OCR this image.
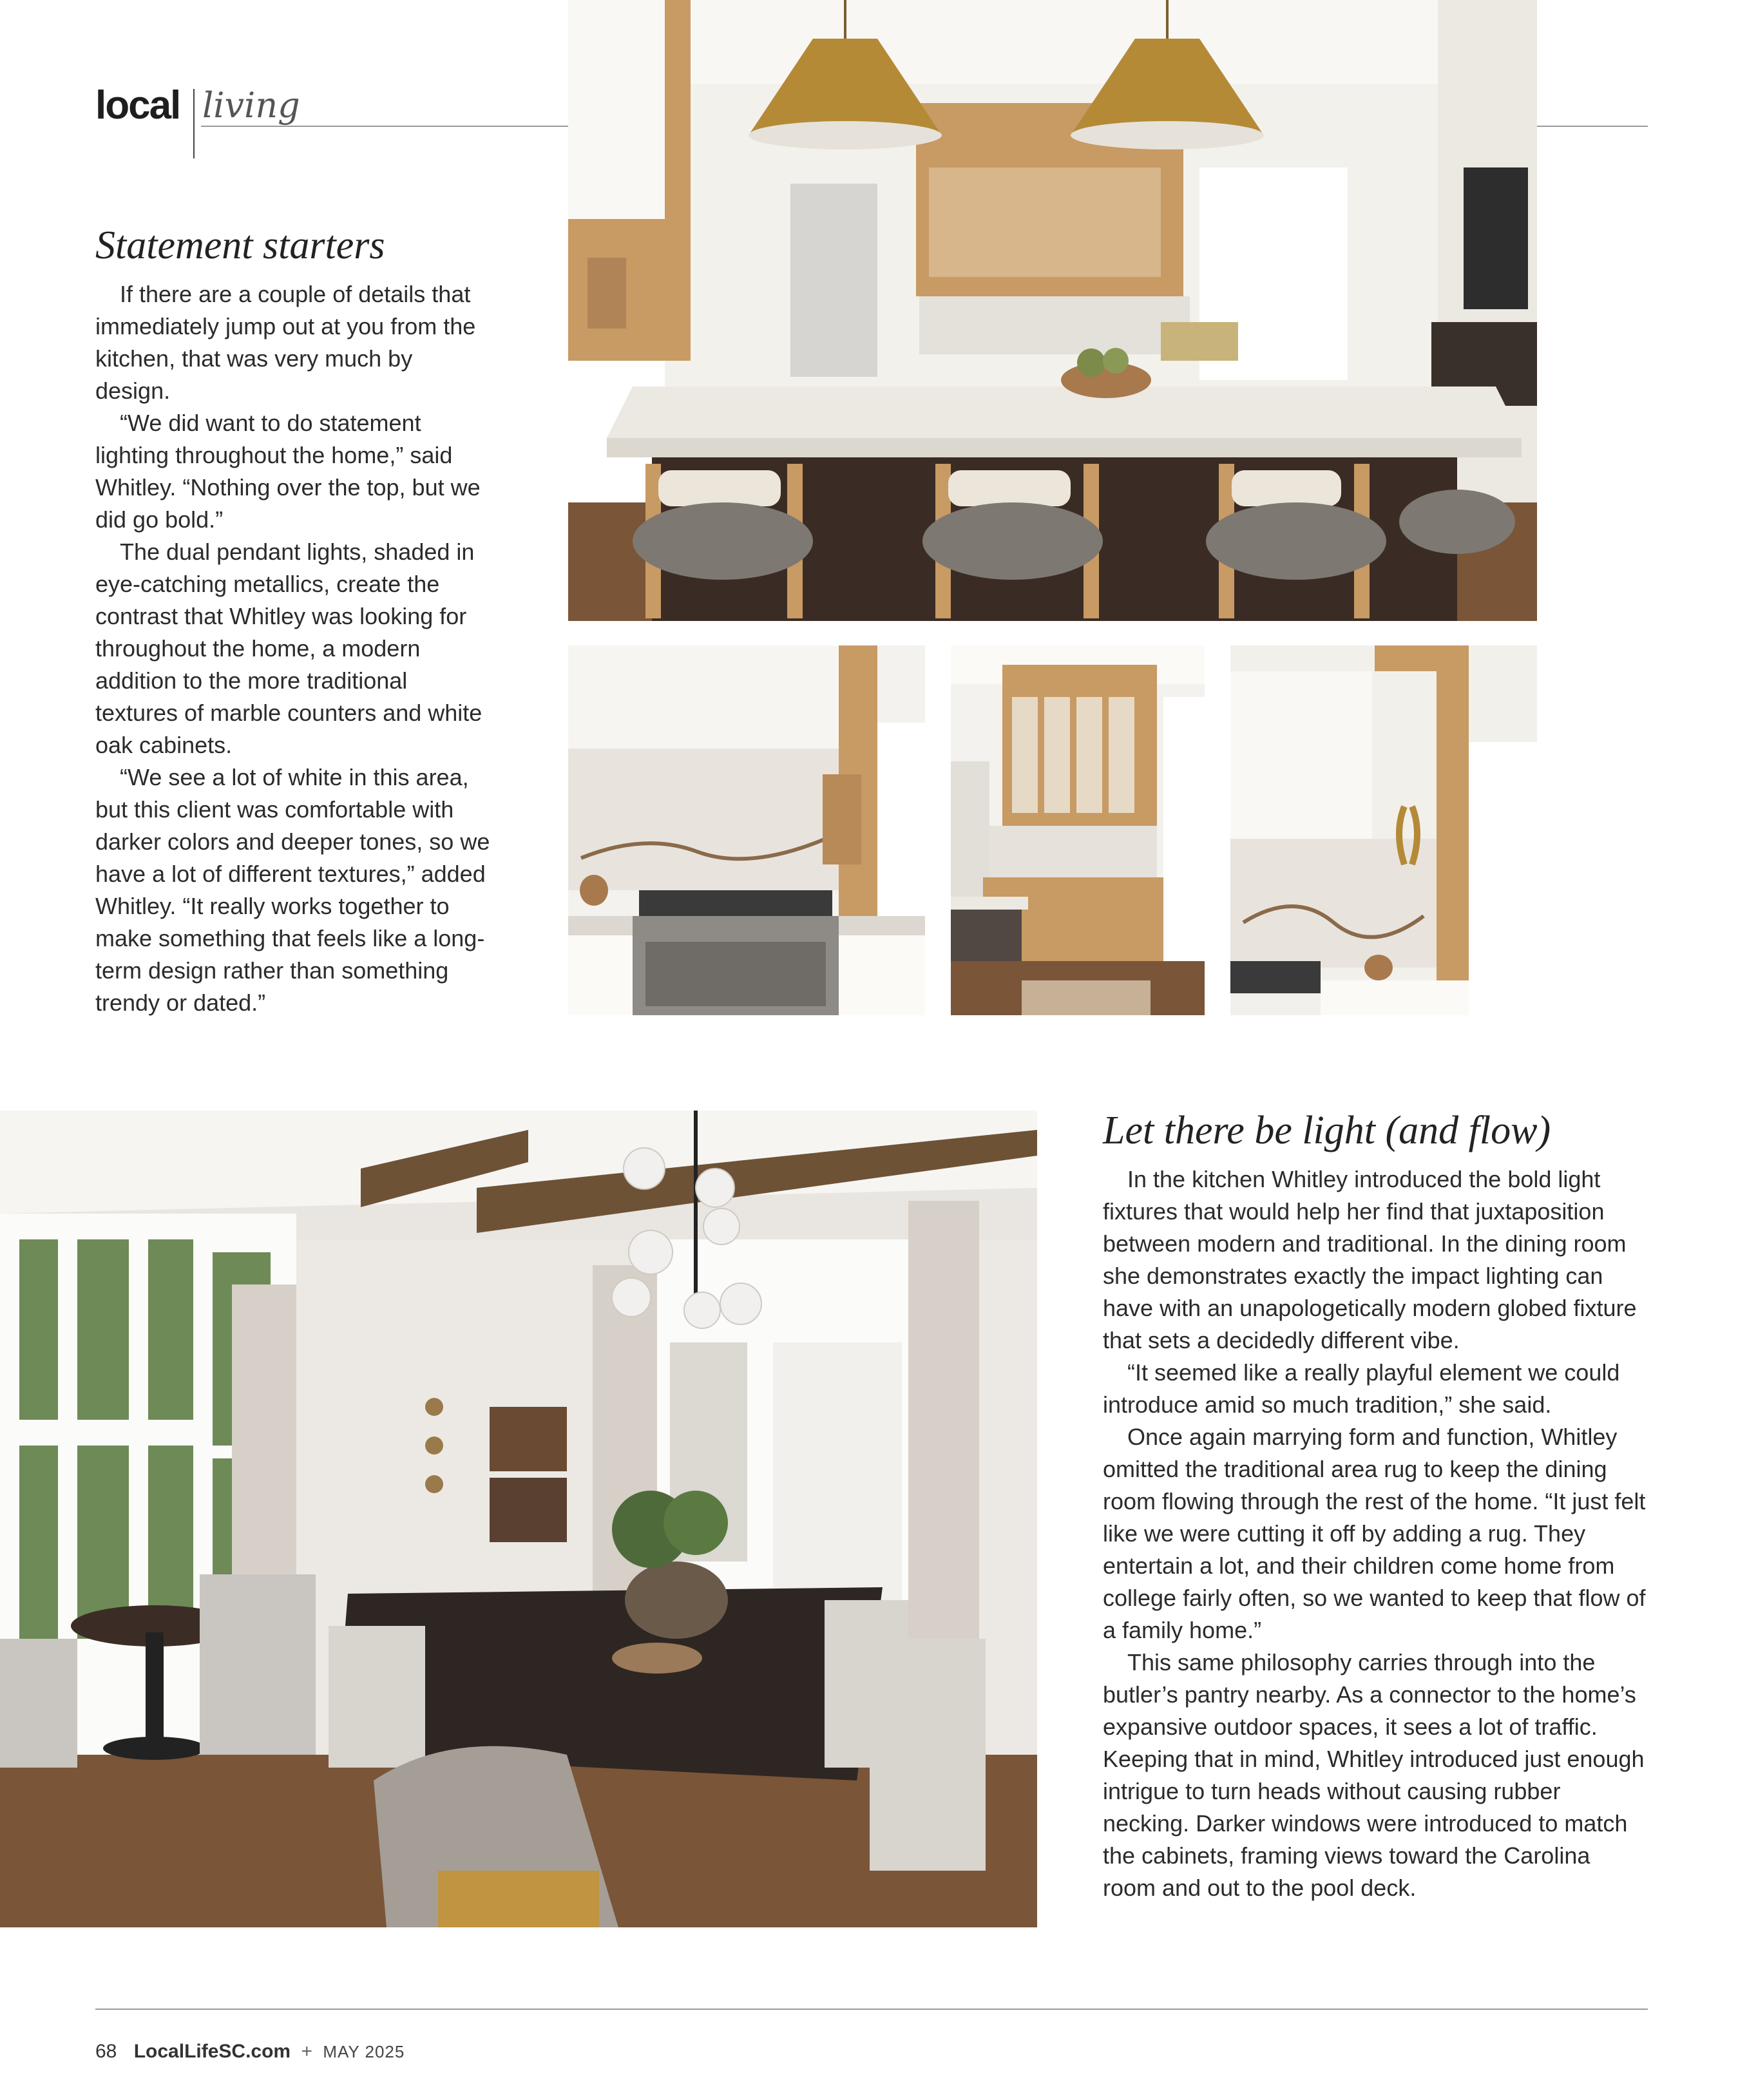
local living
Statement starters

If there are a couple of details that immediately jump out at you from the kitchen, that was very much by design.

“We did want to do statement lighting throughout the home,” said Whitley. “Nothing over the top, but we did go bold.”

The dual pendant lights, shaded in eye-catching metallics, create the contrast that Whitley was looking for throughout the home, a modern addition to the more traditional textures of marble counters and white oak cabinets.

“We see a lot of white in this area, but this client was comfortable with darker colors and deeper tones, so we have a lot of different textures,” added Whitley. “It really works together to make something that feels like a long-term design rather than something trendy or dated.”

Let there be light (and flow)

In the kitchen Whitley introduced the bold light fixtures that would help her find that juxtaposition between modern and traditional. In the dining room she demonstrates exactly the impact lighting can have with an unapologetically modern globed fixture that sets a decidedly different vibe.

“It seemed like a really playful element we could introduce amid so much tradition,” she said.

Once again marrying form and function, Whitley omitted the traditional area rug to keep the dining room flowing through the rest of the home. “It just felt like we were cutting it off by adding a rug. They entertain a lot, and their children come home from college fairly often, so we wanted to keep that flow of a family home.”

This same philosophy carries through into the butler’s pantry nearby. As a connector to the home’s expansive outdoor spaces, it sees a lot of traffic. Keeping that in mind, Whitley introduced just enough intrigue to turn heads without causing rubber necking. Darker windows were introduced to match the cabinets, framing views toward the Carolina room and out to the pool deck.

68 LocalLifeSC.com + MAY 2025
